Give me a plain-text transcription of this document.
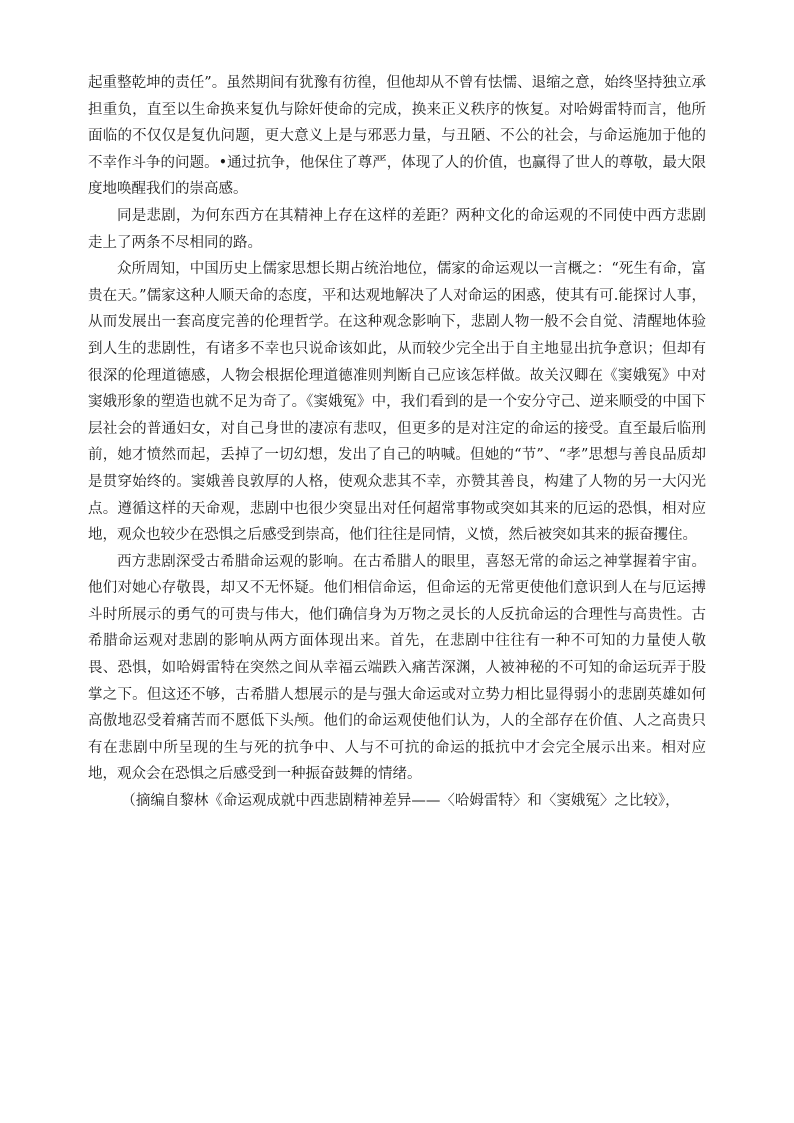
起重整乾坤的责任”。虽然期间有犹豫有彷徨，但他却从不曾有怯懦、退缩之意，始终坚持独立承担重负，直至以生命换来复仇与除奸使命的完成，换来正义秩序的恢复。对哈姆雷特而言，他所面临的不仅仅是复仇问题，更大意义上是与邪恶力量，与丑陋、不公的社会，与命运施加于他的不幸作斗争的问题。•通过抗争，他保住了尊严，体现了人的价值，也赢得了世人的尊敬，最大限度地唤醒我们的崇高感。

同是悲剧，为何东西方在其精神上存在这样的差距？两种文化的命运观的不同使中西方悲剧走上了两条不尽相同的路。

众所周知，中国历史上儒家思想长期占统治地位，儒家的命运观以一言概之：“死生有命，富贵在天。”儒家这种人顺天命的态度，平和达观地解决了人对命运的困惑，使其有可.能探讨人事，从而发展出一套高度完善的伦理哲学。在这种观念影响下，悲剧人物一般不会自觉、清醒地体验到人生的悲剧性，有诸多不幸也只说命该如此，从而较少完全出于自主地显出抗争意识；但却有很深的伦理道德感，人物会根据伦理道德准则判断自己应该怎样做。故关汉卿在《窦娥冤》中对窦娥形象的塑造也就不足为奇了。《窦娥冤》中，我们看到的是一个安分守己、逆来顺受的中国下层社会的普通妇女，对自己身世的凄凉有悲叹，但更多的是对注定的命运的接受。直至最后临刑前，她才愤然而起，丢掉了一切幻想，发出了自己的呐喊。但她的“节”、“孝”思想与善良品质却是贯穿始终的。窦娥善良敦厚的人格，使观众悲其不幸，亦赞其善良，构建了人物的另一大闪光点。遵循这样的天命观，悲剧中也很少突显出对任何超常事物或突如其来的厄运的恐惧，相对应地，观众也较少在恐惧之后感受到崇高，他们往往是同情，义愤，然后被突如其来的振奋攫住。

西方悲剧深受古希腊命运观的影响。在古希腊人的眼里，喜怒无常的命运之神掌握着宇宙。他们对她心存敬畏，却又不无怀疑。他们相信命运，但命运的无常更使他们意识到人在与厄运搏斗时所展示的勇气的可贵与伟大，他们确信身为万物之灵长的人反抗命运的合理性与高贵性。古希腊命运观对悲剧的影响从两方面体现出来。首先，在悲剧中往往有一种不可知的力量使人敬畏、恐惧，如哈姆雷特在突然之间从幸福云端跌入痛苦深渊，人被神秘的不可知的命运玩弄于股掌之下。但这还不够，古希腊人想展示的是与强大命运或对立势力相比显得弱小的悲剧英雄如何高傲地忍受着痛苦而不愿低下头颅。他们的命运观使他们认为，人的全部存在价值、人之高贵只有在悲剧中所呈现的生与死的抗争中、人与不可抗的命运的抵抗中才会完全展示出来。相对应地，观众会在恐惧之后感受到一种振奋鼓舞的情绪。

（摘编自黎林《命运观成就中西悲剧精神差异——〈哈姆雷特〉和〈窦娥冤〉之比较》，
